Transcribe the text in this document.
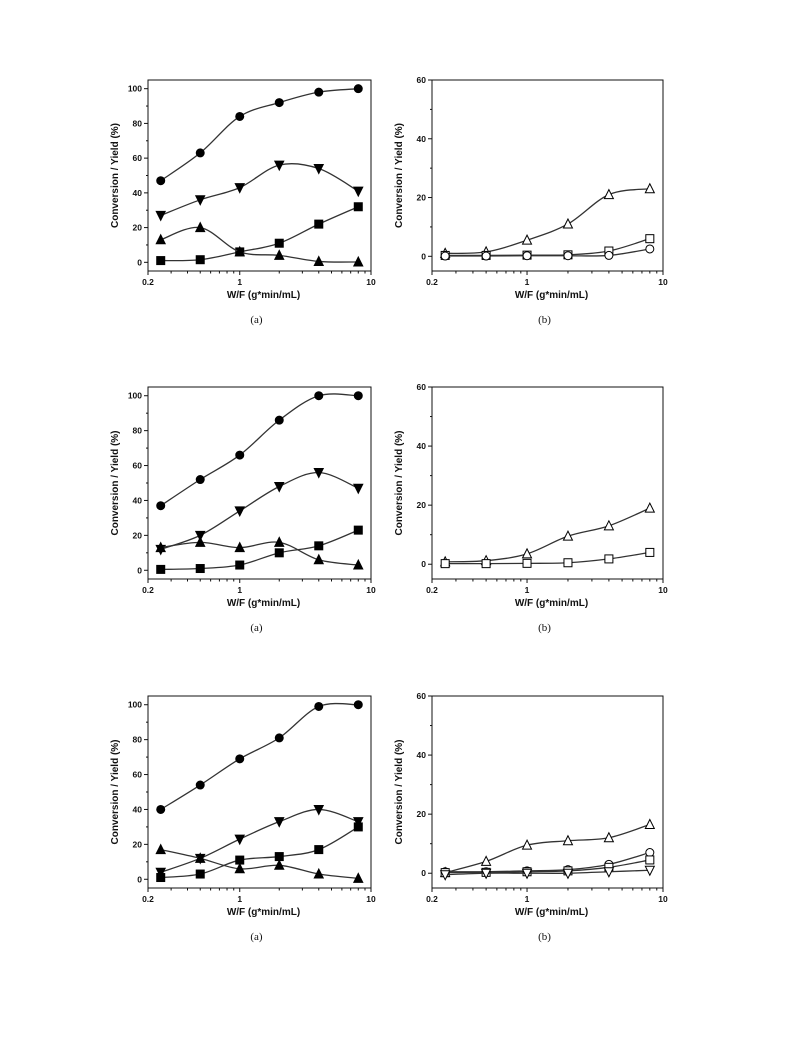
0
20
40
60
80
100
0.2	1	10
W/F (g*min/mL)
Conversion / Yield (%)
(a)
0
20
40
60
0.2	1	10
W/F (g*min/mL)
Conversion / Yield (%)
(b)
0
20
40
60
80
100
0.2	1	10
W/F (g*min/mL)
Conversion / Yield (%)
(a)
0
20
40
60
0.2	1	10
W/F (g*min/mL)
Conversion / Yield (%)
(b)
0
20
40
60
80
100
0.2	1	10
W/F (g*min/mL)
Conversion / Yield (%)
(a)
0
20
40
60
0.2	1	10
W/F (g*min/mL)
Conversion / Yield (%)
(b)
